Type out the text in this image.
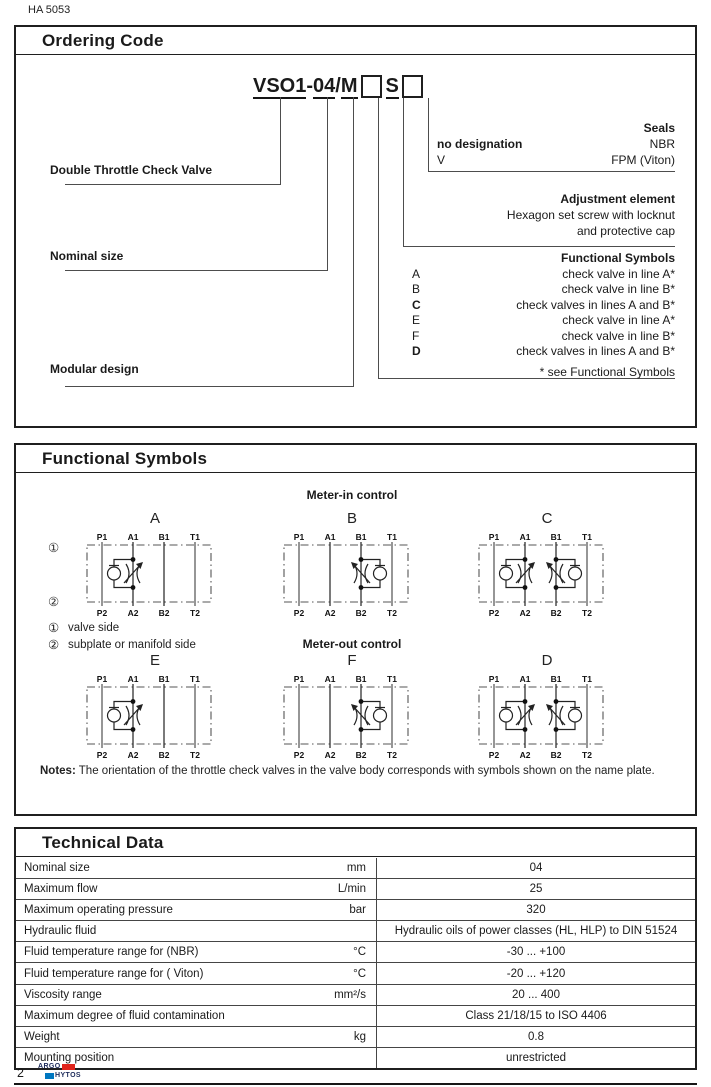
HA 5053
Ordering Code
VSO1 - 04 / M S
Double Throttle Check Valve
Nominal size
Modular design
Seals
no designation	NBR
V	FPM (Viton)
Adjustment element
Hexagon set screw with locknut
and protective cap
Functional Symbols
A	check valve in line A*
B	check valve in line B*
C	check valves in lines A and B*
E	check valve in line A*
F	check valve in line B*
D	check valves in lines A and B*
* see Functional Symbols
Functional Symbols
Meter-in control
Meter-out control
①
②
A
P1 A1 B1 T1
P2 A2 B2 T2
B
P1 A1 B1 T1
P2 A2 B2 T2
C
P1 A1 B1 T1
P2 A2 B2 T2
E
P1 A1 B1 T1
P2 A2 B2 T2
F
P1 A1 B1 T1
P2 A2 B2 T2
D
P1 A1 B1 T1
P2 A2 B2 T2
① valve side
② subplate or manifold side
Notes: The orientation of the throttle check valves in the valve body corresponds with symbols shown on the name plate.
Technical Data
Nominal size	mm	04
Maximum flow	L/min	25
Maximum operating pressure	bar	320
Hydraulic fluid	Hydraulic oils of power classes (HL, HLP) to DIN 51524
Fluid temperature range for (NBR)	°C	-30 ... +100
Fluid temperature range for ( Viton)	°C	-20 ... +120
Viscosity range	mm²/s	20 ... 400
Maximum degree of fluid contamination	Class 21/18/15 to ISO 4406
Weight	kg	0.8
Mounting position	unrestricted
2 ARGO
HYTOS
